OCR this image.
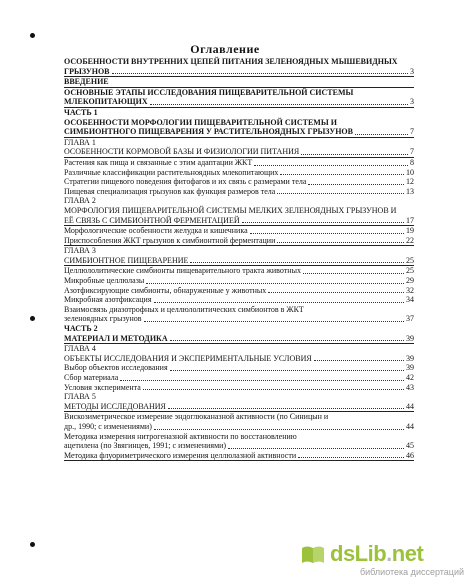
Оглавление
ОСОБЕННОСТИ ВНУТРЕННИХ ЦЕПЕЙ ПИТАНИЯ ЗЕЛЕНОЯДНЫХ МЫШЕВИДНЫХ
ГРЫЗУНОВ	3
ВВЕДЕНИЕ
ОСНОВНЫЕ ЭТАПЫ ИССЛЕДОВАНИЯ ПИЩЕВАРИТЕЛЬНОЙ СИСТЕМЫ
МЛЕКОПИТАЮЩИХ	3
ЧАСТЬ 1
ОСОБЕННОСТИ МОРФОЛОГИИ ПИЩЕВАРИТЕЛЬНОЙ СИСТЕМЫ И
СИМБИОНТНОГО ПИЩЕВАРЕНИЯ У РАСТИТЕЛЬНОЯДНЫХ ГРЫЗУНОВ	7
ГЛАВА 1
ОСОБЕННОСТИ КОРМОВОЙ БАЗЫ И ФИЗИОЛОГИИ ПИТАНИЯ	7
Растения как пища и связанные с этим адаптации ЖКТ	8
Различные классификации растительноядных млекопитающих	10
Стратегии пищевого поведения фитофагов и их связь с размерами тела	12
Пищевая специализация грызунов как функция размеров тела	13
ГЛАВА 2
МОРФОЛОГИЯ ПИЩЕВАРИТЕЛЬНОЙ СИСТЕМЫ МЕЛКИХ ЗЕЛЕНОЯДНЫХ ГРЫЗУНОВ И
ЕЁ СВЯЗЬ С СИМБИОНТНОЙ ФЕРМЕНТАЦИЕЙ	17
Морфологические особенности желудка и кишечника	19
Приспособления ЖКТ грызунов к симбионтной ферментации	22
ГЛАВА 3
СИМБИОНТНОЕ ПИЩЕВАРЕНИЕ	25
Целлюлолитические симбионты пищеварительного тракта животных	25
Микробные целлюлазы	29
Азотфиксирующие симбионты, обнаруженные у животных	32
Микробная азотфиксация	34
Взаимосвязь диазотрофных и целлюлолитических симбионтов в ЖКТ
зеленоядных грызунов	37
ЧАСТЬ 2
МАТЕРИАЛ И МЕТОДИКА	39
ГЛАВА 4
ОБЪЕКТЫ ИССЛЕДОВАНИЯ И ЭКСПЕРИМЕНТАЛЬНЫЕ УСЛОВИЯ	39
Выбор объектов исследования	39
Сбор материала	42
Условия эксперимента	43
ГЛАВА 5
МЕТОДЫ ИССЛЕДОВАНИЯ	44
Вискозиметрическое измерение эндоглюканазной активности (по Синицын и
др., 1990; с изменениями)	44
Методика измерения нитрогеназной активности по восстановлению
ацетилена (по Звягинцев, 1991; с изменениями)	45
Методика флуориметрического измерения целлюлазной активности	46
dsLib.net
библиотека диссертаций
